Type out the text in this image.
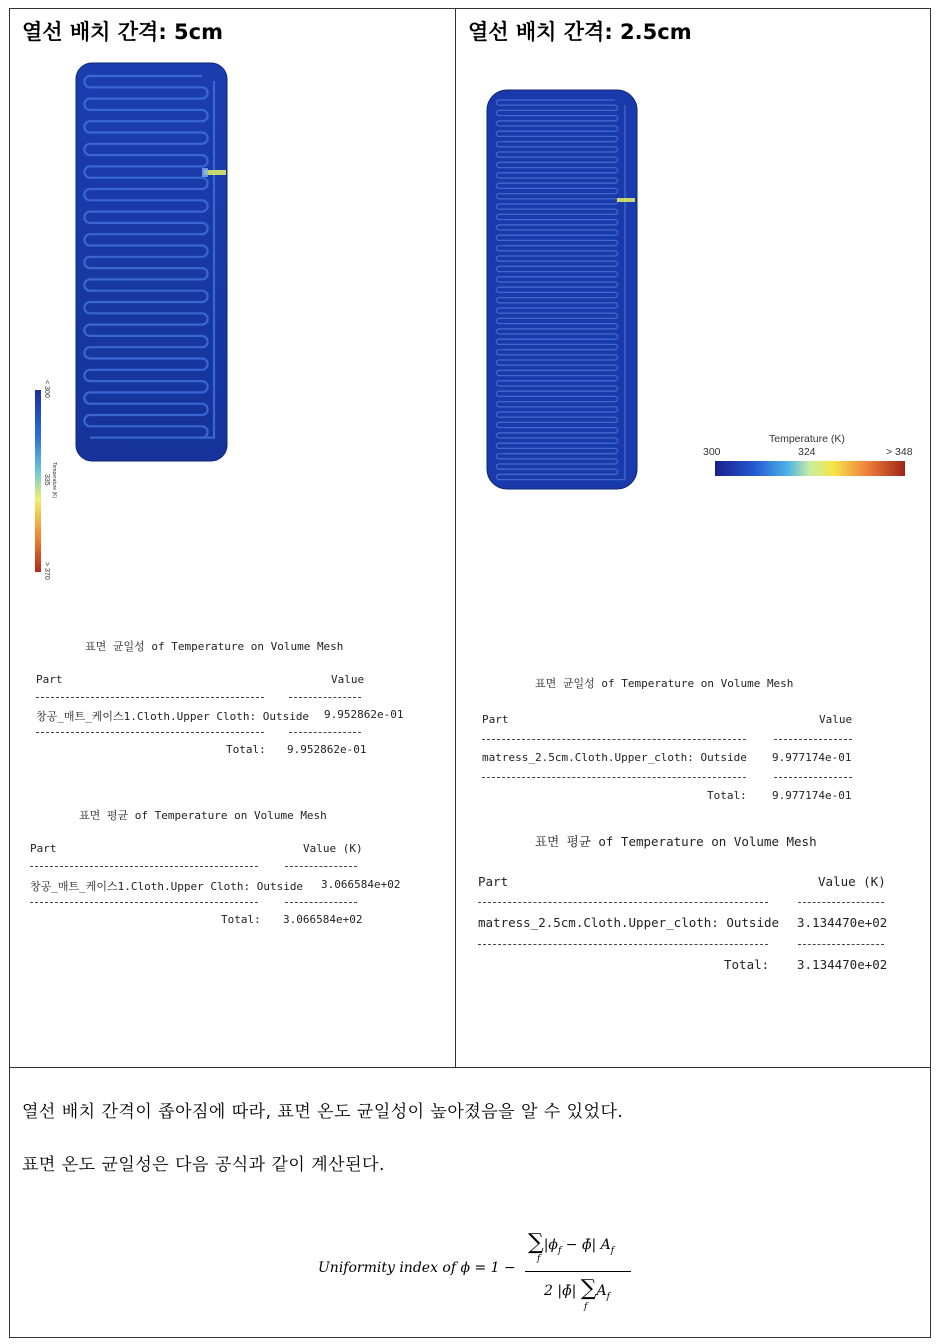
열선 배치 간격: 5cm
< 300
335 Temperature (K)
> 370
표면 균일성 of Temperature on Volume Mesh
Part	Value
창공_매트_케이스1.Cloth.Upper Cloth: Outside 9.952862e-01
Total: 9.952862e-01
표면 평균 of Temperature on Volume Mesh
Part	Value (K)
창공_매트_케이스1.Cloth.Upper Cloth: Outside 3.066584e+02
Total: 3.066584e+02
열선 배치 간격: 2.5cm
Temperature (K)
300	324	> 348
표면 균일성 of Temperature on Volume Mesh
Part	Value
matress_2.5cm.Cloth.Upper_cloth: Outside 9.977174e-01
Total: 9.977174e-01
표면 평균 of Temperature on Volume Mesh
Part	Value (K)
matress_2.5cm.Cloth.Upper_cloth: Outside 3.134470e+02
Total: 3.134470e+02
열선 배치 간격이 좁아짐에 따라, 표면 온도 균일성이 높아졌음을 알 수 있었다.
표면 온도 균일성은 다음 공식과 같이 계산된다.
Uniformity index of ϕ = 1 −
$\sum|\phi_f$ − ϕ̄| $A_f$
f
2 |ϕ̄| $\sum A_f$
f
